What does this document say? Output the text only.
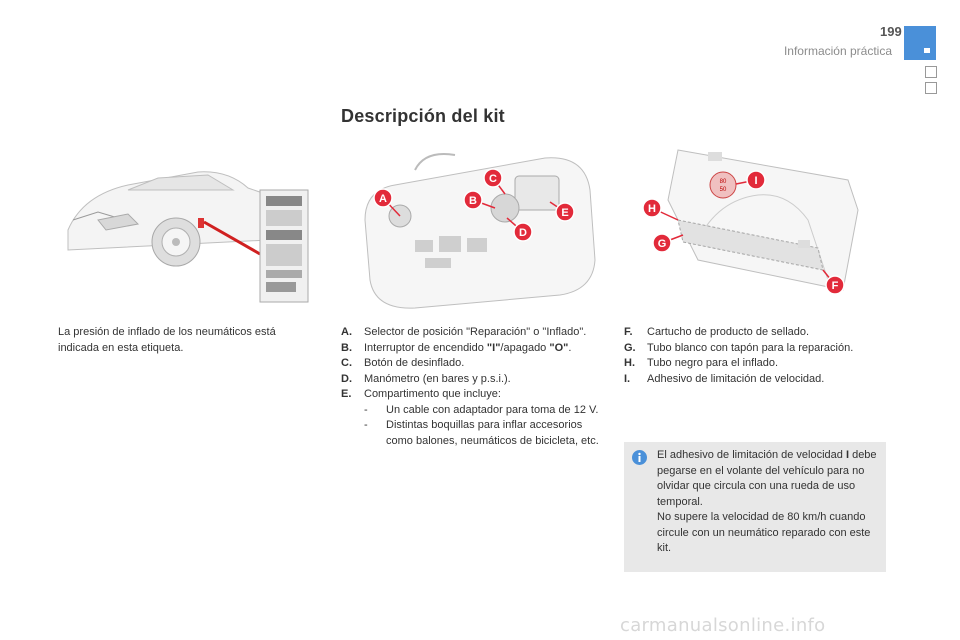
199
Información práctica
Descripción del kit
A	B
C
D
E
80
50
F
G
H
I
La presión de inflado de los neumáticos está indicada en esta etiqueta.
A. Selector de posición "Reparación" o "Inflado".
B. Interruptor de encendido "I"/apagado "O".
C. Botón de desinflado.
D. Manómetro (en bares y p.s.i.).
E. Compartimento que incluye:
- Un cable con adaptador para toma de 12 V.
- Distintas boquillas para inflar accesorios como balones, neumáticos de bicicleta, etc.
F. Cartucho de producto de sellado.
G. Tubo blanco con tapón para la reparación.
H. Tubo negro para el inflado.
I. Adhesivo de limitación de velocidad.

El adhesivo de limitación de velocidad I debe pegarse en el volante del vehículo para no olvidar que circula con una rueda de uso temporal.

No supere la velocidad de 80 km/h cuando circule con un neumático reparado con este kit.

carmanualsonline.info
